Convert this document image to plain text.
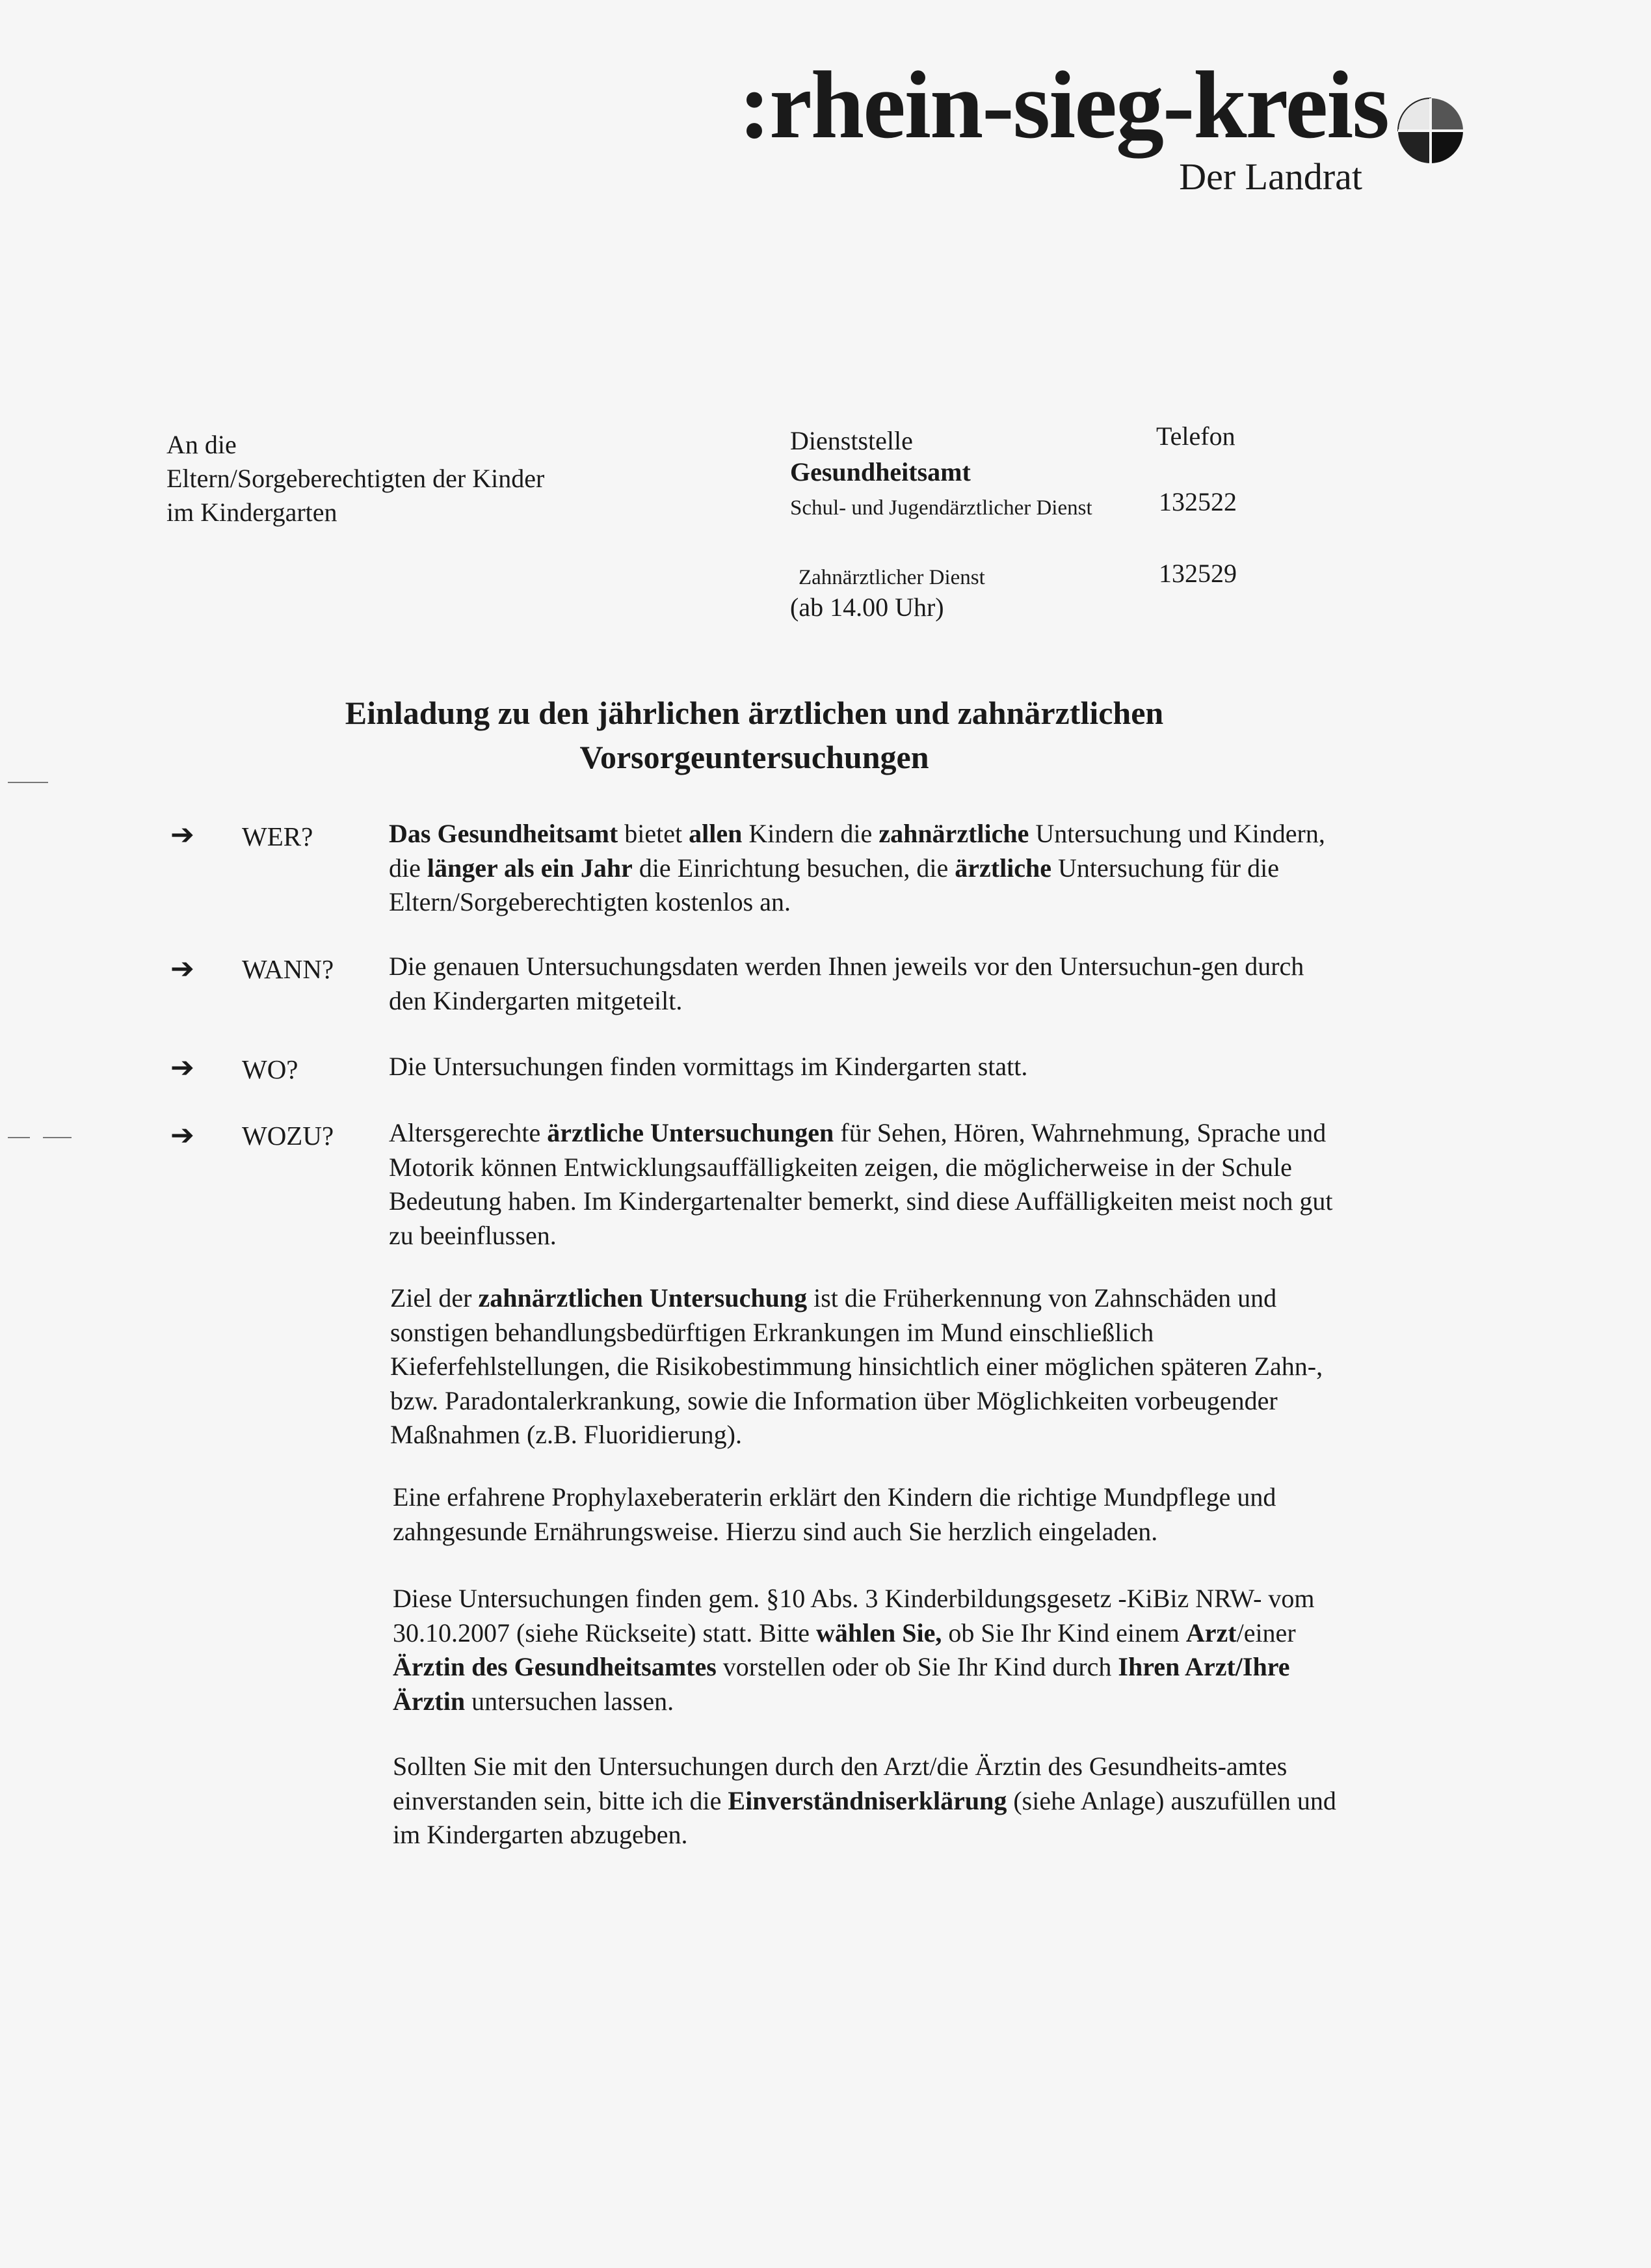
:rhein-sieg-kreis
Der Landrat
An die
Eltern/Sorgeberechtigten der Kinder
im Kindergarten
Dienststelle
Gesundheitsamt
Schul- und Jugendärztlicher Dienst
Zahnärztlicher Dienst
(ab 14.00 Uhr)
Telefon
132522
132529
Einladung zu den jährlichen ärztlichen und zahnärztlichen
Vorsorgeuntersuchungen
➔ WER?	Das Gesundheitsamt bietet allen Kindern die zahnärztliche Untersuchung und Kindern, die länger als ein Jahr die Einrichtung besuchen, die ärztliche Untersuchung für die Eltern/Sorgeberechtigten kostenlos an.

➔ WANN? Die genauen Untersuchungsdaten werden Ihnen jeweils vor den Untersuchun-gen durch den Kindergarten mitgeteilt.

➔ WO?	Die Untersuchungen finden vormittags im Kindergarten statt.

➔ WOZU? Altersgerechte ärztliche Untersuchungen für Sehen, Hören, Wahrnehmung, Sprache und Motorik können Entwicklungsauffälligkeiten zeigen, die möglicherweise in der Schule Bedeutung haben. Im Kindergartenalter bemerkt, sind diese Auffälligkeiten meist noch gut zu beeinflussen.

Ziel der zahnärztlichen Untersuchung ist die Früherkennung von Zahnschäden und sonstigen behandlungsbedürftigen Erkrankungen im Mund einschließlich Kieferfehlstellungen, die Risikobestimmung hinsichtlich einer möglichen späteren Zahn-, bzw. Paradontalerkrankung, sowie die Information über Möglichkeiten vorbeugender Maßnahmen (z.B. Fluoridierung).

Eine erfahrene Prophylaxeberaterin erklärt den Kindern die richtige Mundpflege und zahngesunde Ernährungsweise. Hierzu sind auch Sie herzlich eingeladen.

Diese Untersuchungen finden gem. §10 Abs. 3 Kinderbildungsgesetz -KiBiz NRW- vom 30.10.2007 (siehe Rückseite) statt. Bitte wählen Sie, ob Sie Ihr Kind einem Arzt/einer Ärztin des Gesundheitsamtes vorstellen oder ob Sie Ihr Kind durch Ihren Arzt/Ihre Ärztin untersuchen lassen.

Sollten Sie mit den Untersuchungen durch den Arzt/die Ärztin des Gesundheits-amtes einverstanden sein, bitte ich die Einverständniserklärung (siehe Anlage) auszufüllen und im Kindergarten abzugeben.
